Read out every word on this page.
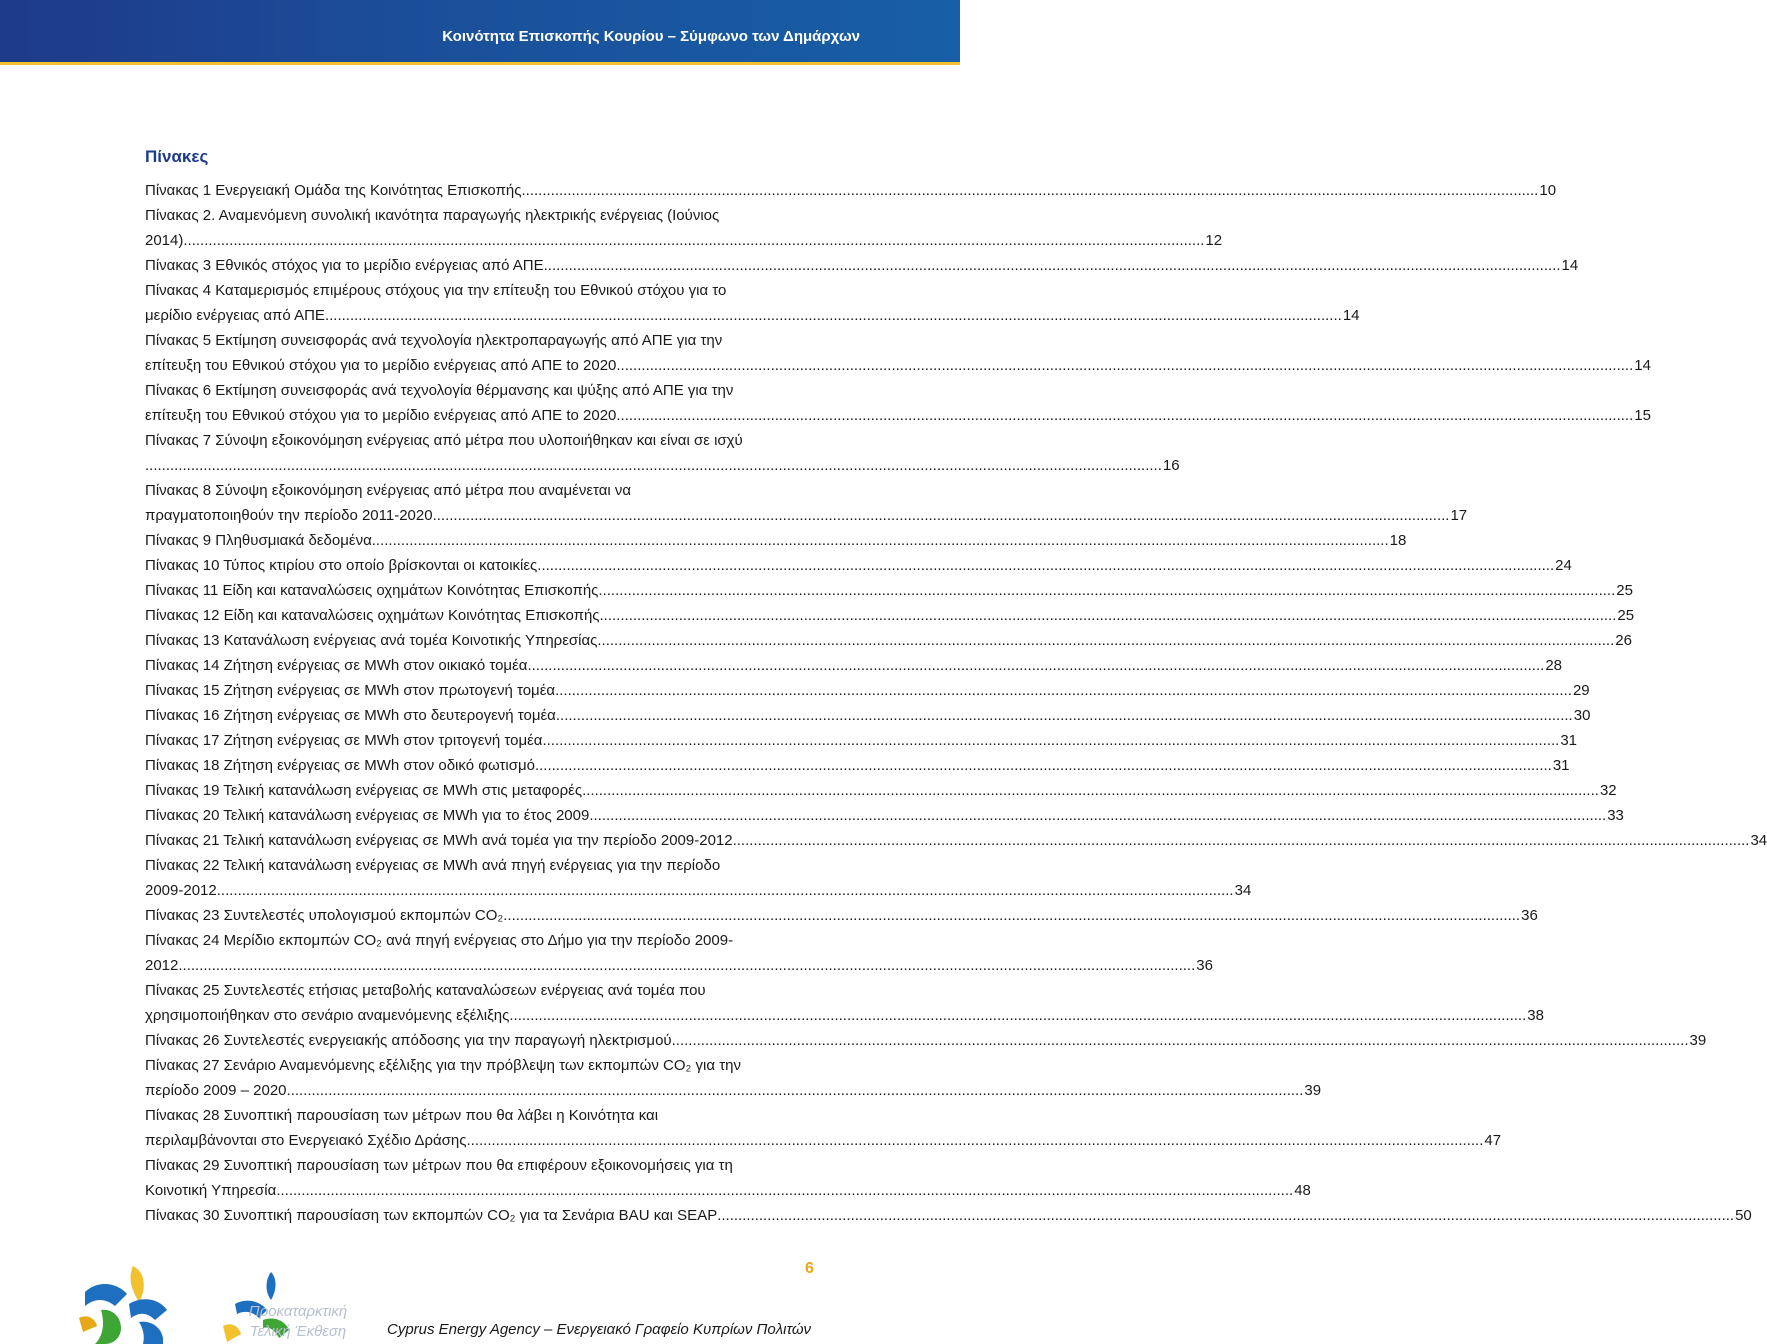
Κοινότητα Επισκοπής Κουρίου – Σύμφωνο των Δημάρχων
Πίνακες
Πίνακας 1 Ενεργειακή Ομάδα της Κοινότητας Επισκοπής .....	10
Πίνακας 2. Αναμενόμενη συνολική ικανότητα παραγωγής ηλεκτρικής ενέργειας (Ιούνιος
2014). .....	12
Πίνακας 3 Εθνικός στόχος για το μερίδιο ενέργειας από ΑΠΕ .....	14
Πίνακας 4 Καταμερισμός επιμέρους στόχους για την επίτευξη του Εθνικού στόχου για το
μερίδιο ενέργειας από ΑΠΕ .....	14
Πίνακας 5 Εκτίμηση συνεισφοράς ανά τεχνολογία ηλεκτροπαραγωγής από ΑΠΕ για την
επίτευξη του Εθνικού στόχου για το μερίδιο ενέργειας από ΑΠΕ to 2020 .....	14
Πίνακας 6 Εκτίμηση συνεισφοράς ανά τεχνολογία θέρμανσης και ψύξης από ΑΠΕ για την
επίτευξη του Εθνικού στόχου για το μερίδιο ενέργειας από ΑΠΕ to 2020 .....	15
Πίνακας 7 Σύνοψη εξοικονόμηση ενέργειας από μέτρα που υλοποιήθηκαν και είναι σε ισχύ
.....
16
Πίνακας 8 Σύνοψη εξοικονόμηση ενέργειας από μέτρα που αναμένεται να
πραγματοποιηθούν την περίοδο 2011-2020 .....	17
Πίνακας 9 Πληθυσμιακά δεδομένα .....	18
Πίνακας 10 Τύπος κτιρίου στο οποίο βρίσκονται οι κατοικίες .....	24
Πίνακας 11 Είδη και καταναλώσεις οχημάτων Κοινότητας Επισκοπής .....	25
Πίνακας 12 Είδη και καταναλώσεις οχημάτων Κοινότητας Επισκοπής .....	25
Πίνακας 13 Κατανάλωση ενέργειας ανά τομέα Κοινοτικής Υπηρεσίας .....	26
Πίνακας 14 Ζήτηση ενέργειας σε MWh στον οικιακό τομέα .....	28
Πίνακας 15 Ζήτηση ενέργειας σε MWh στον πρωτογενή τομέα .....	29
Πίνακας 16 Ζήτηση ενέργειας σε MWh στο δευτερογενή τομέα .....	30
Πίνακας 17 Ζήτηση ενέργειας σε MWh στον τριτογενή τομέα .....	31
Πίνακας 18 Ζήτηση ενέργειας σε MWh στον οδικό φωτισμό .....	31
Πίνακας 19 Τελική κατανάλωση ενέργειας σε MWh στις μεταφορές .....	32
Πίνακας 20 Τελική κατανάλωση ενέργειας σε MWh για το έτος 2009 .....	33
Πίνακας 21 Τελική κατανάλωση ενέργειας σε MWh ανά τομέα για την περίοδο 2009-2012 .....	34
Πίνακας 22 Τελική κατανάλωση ενέργειας σε MWh ανά πηγή ενέργειας για την περίοδο
2009-2012 .....	34
Πίνακας 23 Συντελεστές υπολογισμού εκπομπών CO₂ .....	36
Πίνακας 24 Μερίδιο εκπομπών CO₂ ανά πηγή ενέργειας στο Δήμο για την περίοδο 2009-
2012 .....	36
Πίνακας 25 Συντελεστές ετήσιας μεταβολής καταναλώσεων ενέργειας ανά τομέα που
χρησιμοποιήθηκαν στο σενάριο αναμενόμενης εξέλιξης .....	38
Πίνακας 26 Συντελεστές ενεργειακής απόδοσης για την παραγωγή ηλεκτρισμού .....	39
Πίνακας 27 Σενάριο Αναμενόμενης εξέλιξης για την πρόβλεψη των εκπομπών CO₂ για την
περίοδο 2009 – 2020 .....	39
Πίνακας 28 Συνοπτική παρουσίαση των μέτρων που θα λάβει η Κοινότητα και
περιλαμβάνονται στο Ενεργειακό Σχέδιο Δράσης .....	47
Πίνακας 29 Συνοπτική παρουσίαση των μέτρων που θα επιφέρουν εξοικονομήσεις για τη
Κοινοτική Υπηρεσία .....	48
Πίνακας 30 Συνοπτική παρουσίαση των εκπομπών CO₂ για τα Σενάρια BAU και SEAP .....	50
6
Προκαταρκτική
Τελική Έκθεση	Cyprus Energy Agency – Ενεργειακό Γραφείο Κυπρίων Πολιτών
